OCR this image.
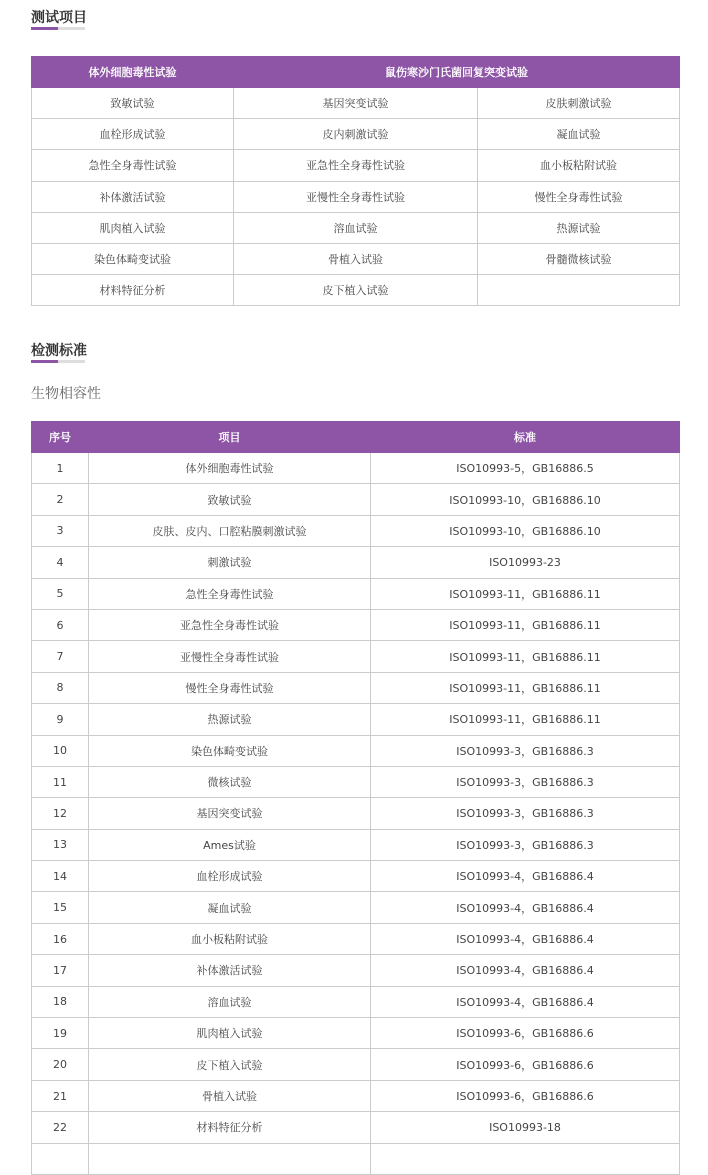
测试项目
体外细胞毒性试验	鼠伤寒沙门氏菌回复突变试验	
致敏试验	基因突变试验	皮肤刺激试验
血栓形成试验	皮内刺激试验	凝血试验
急性全身毒性试验	亚急性全身毒性试验	血小板粘附试验
补体激活试验	亚慢性全身毒性试验	慢性全身毒性试验
肌肉植入试验	溶血试验	热源试验
染色体畸变试验	骨植入试验	骨髓微核试验
材料特征分析	皮下植入试验	
检测标准
生物相容性
序号	项目	标准
1	体外细胞毒性试验	ISO10993-5，GB16886.5
2	致敏试验	ISO10993-10，GB16886.10
3	皮肤、皮内、口腔粘膜刺激试验	ISO10993-10，GB16886.10
4	刺激试验	ISO10993-23
5	急性全身毒性试验	ISO10993-11，GB16886.11
6	亚急性全身毒性试验	ISO10993-11，GB16886.11
7	亚慢性全身毒性试验	ISO10993-11，GB16886.11
8	慢性全身毒性试验	ISO10993-11，GB16886.11
9	热源试验	ISO10993-11，GB16886.11
10	染色体畸变试验	ISO10993-3，GB16886.3
11	微核试验	ISO10993-3，GB16886.3
12	基因突变试验	ISO10993-3，GB16886.3
13	Ames试验	ISO10993-3，GB16886.3
14	血栓形成试验	ISO10993-4，GB16886.4
15	凝血试验	ISO10993-4，GB16886.4
16	血小板粘附试验	ISO10993-4，GB16886.4
17	补体激活试验	ISO10993-4，GB16886.4
18	溶血试验	ISO10993-4，GB16886.4
19	肌肉植入试验	ISO10993-6，GB16886.6
20	皮下植入试验	ISO10993-6，GB16886.6
21	骨植入试验	ISO10993-6，GB16886.6
22	材料特征分析	ISO10993-18
